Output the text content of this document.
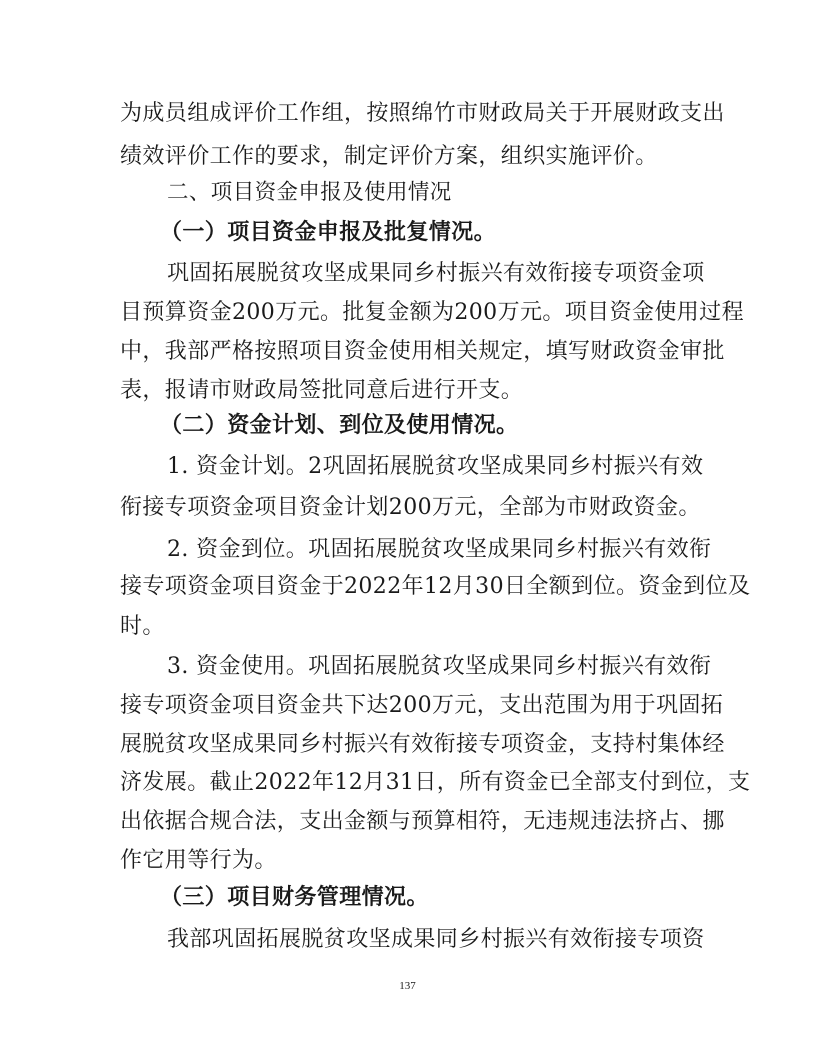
为成员组成评价工作组，按照绵竹市财政局关于开展财政支出
绩效评价工作的要求，制定评价方案，组织实施评价。
二、项目资金申报及使用情况
（一）项目资金申报及批复情况。
巩固拓展脱贫攻坚成果同乡村振兴有效衔接专项资金项
目预算资金200万元。批复金额为200万元。项目资金使用过程
中，我部严格按照项目资金使用相关规定，填写财政资金审批
表，报请市财政局签批同意后进行开支。
（二）资金计划、到位及使用情况。
1. 资金计划。2巩固拓展脱贫攻坚成果同乡村振兴有效
衔接专项资金项目资金计划200万元，全部为市财政资金。
2. 资金到位。巩固拓展脱贫攻坚成果同乡村振兴有效衔
接专项资金项目资金于2022年12月30日全额到位。资金到位及
时。
3. 资金使用。巩固拓展脱贫攻坚成果同乡村振兴有效衔
接专项资金项目资金共下达200万元，支出范围为用于巩固拓
展脱贫攻坚成果同乡村振兴有效衔接专项资金，支持村集体经
济发展。截止2022年12月31日，所有资金已全部支付到位，支
出依据合规合法，支出金额与预算相符，无违规违法挤占、挪
作它用等行为。
（三）项目财务管理情况。
我部巩固拓展脱贫攻坚成果同乡村振兴有效衔接专项资
137
